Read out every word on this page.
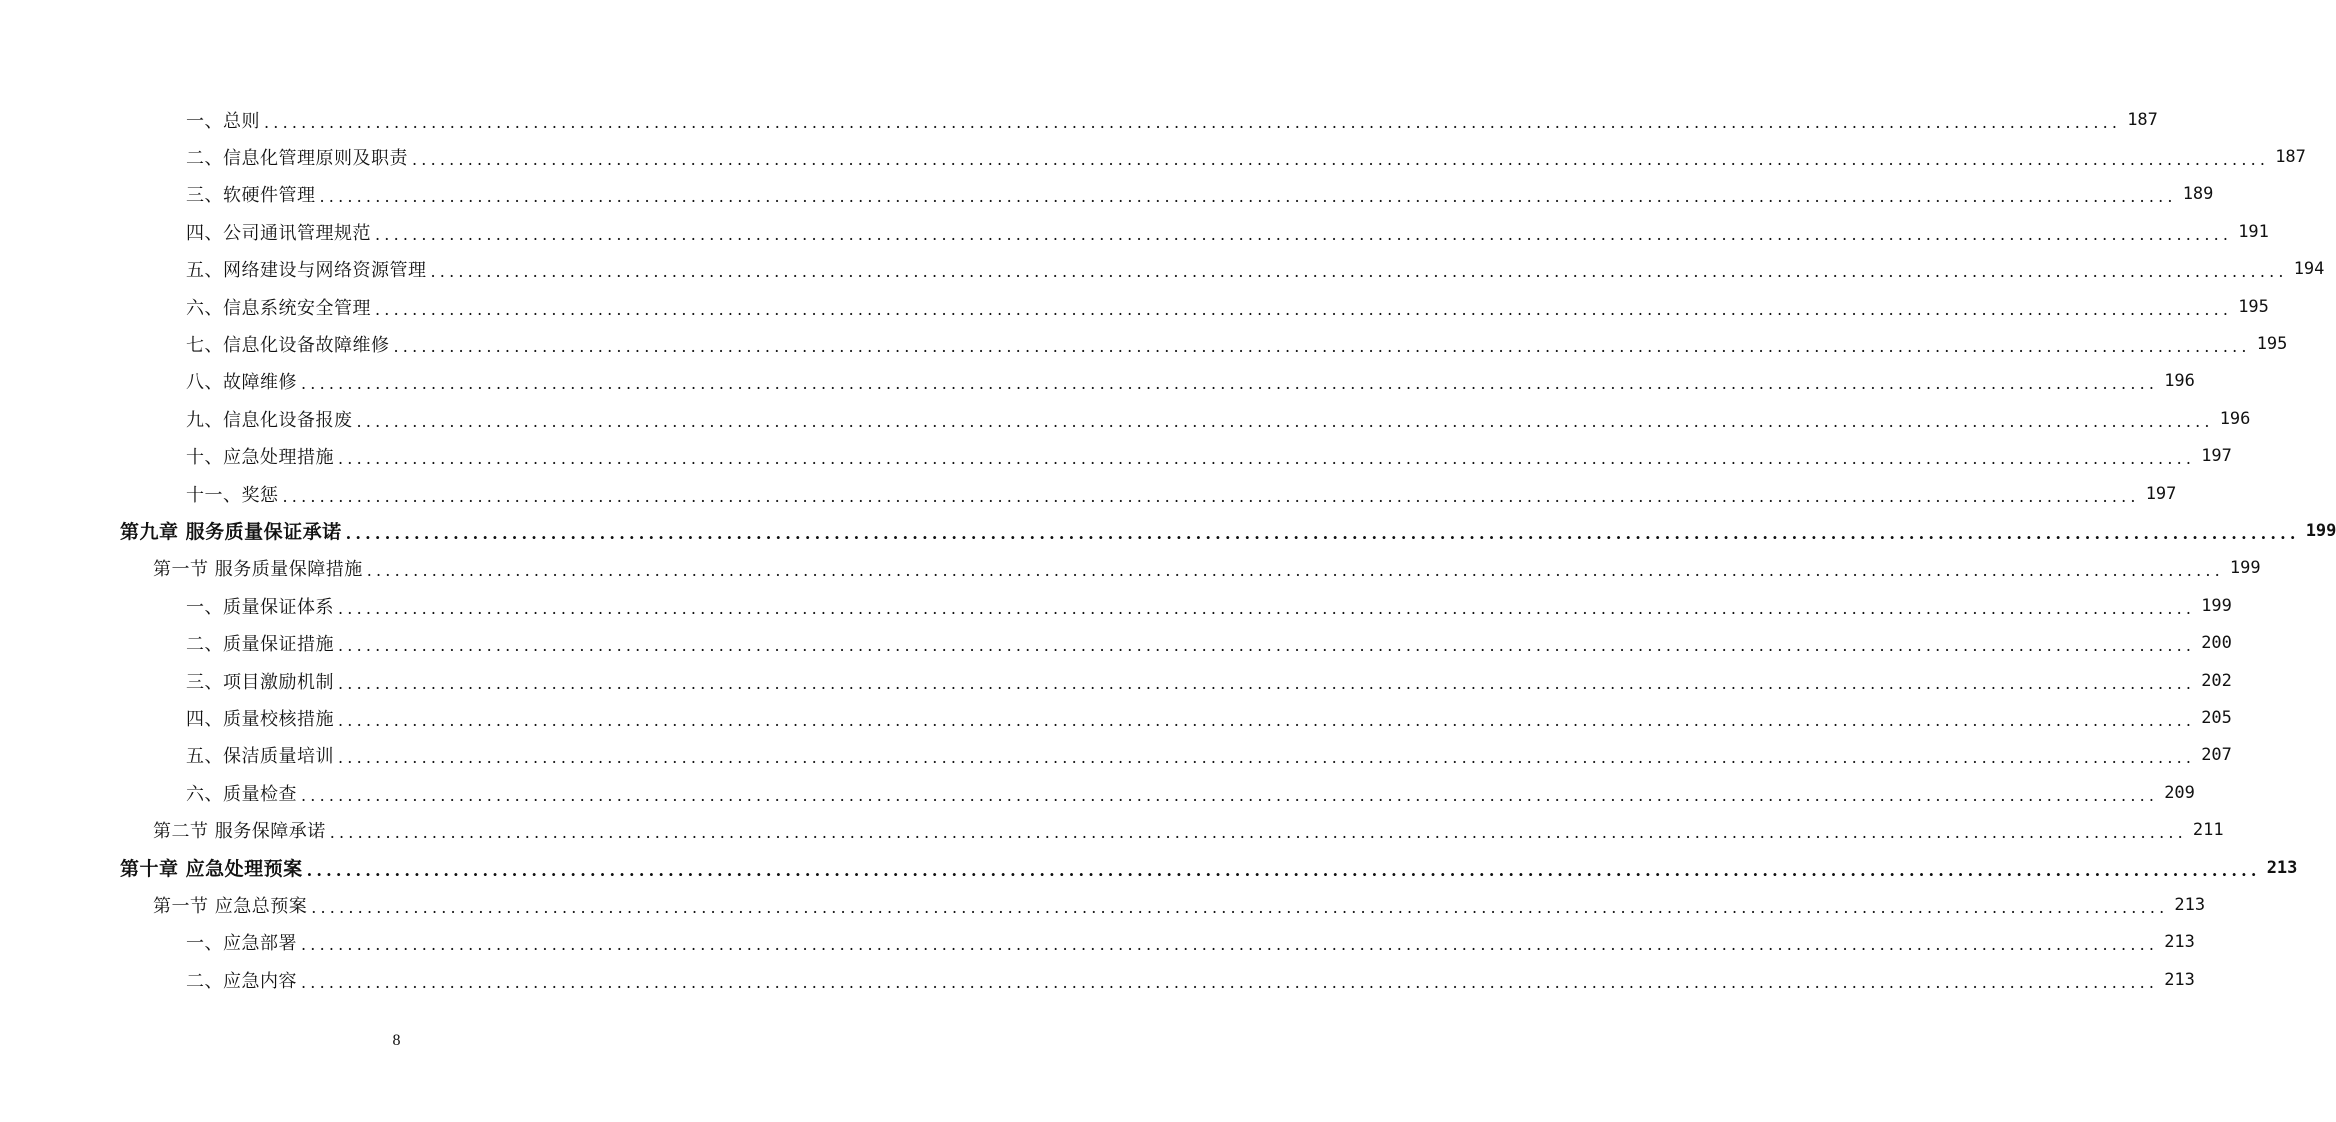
一、总则 ........................................................................................................................................................................................................ 187
二、信息化管理原则及职责 ........................................................................................................................................................................................................ 187
三、软硬件管理 ........................................................................................................................................................................................................ 189
四、公司通讯管理规范 ........................................................................................................................................................................................................ 191
五、网络建设与网络资源管理 ........................................................................................................................................................................................................ 194
六、信息系统安全管理 ........................................................................................................................................................................................................ 195
七、信息化设备故障维修 ........................................................................................................................................................................................................ 195
八、故障维修 ........................................................................................................................................................................................................ 196
九、信息化设备报废 ........................................................................................................................................................................................................ 196
十、应急处理措施 ........................................................................................................................................................................................................ 197
十一、奖惩 ........................................................................................................................................................................................................ 197
第九章 服务质量保证承诺 ........................................................................................................................................................................................................ 199
第一节 服务质量保障措施 ........................................................................................................................................................................................................ 199
一、质量保证体系 ........................................................................................................................................................................................................ 199
二、质量保证措施 ........................................................................................................................................................................................................ 200
三、项目激励机制 ........................................................................................................................................................................................................ 202
四、质量校核措施 ........................................................................................................................................................................................................ 205
五、保洁质量培训 ........................................................................................................................................................................................................ 207
六、质量检查 ........................................................................................................................................................................................................ 209
第二节 服务保障承诺 ........................................................................................................................................................................................................ 211
第十章 应急处理预案 ........................................................................................................................................................................................................ 213
第一节 应急总预案 ........................................................................................................................................................................................................ 213
一、应急部署 ........................................................................................................................................................................................................ 213
二、应急内容 ........................................................................................................................................................................................................ 213
8
